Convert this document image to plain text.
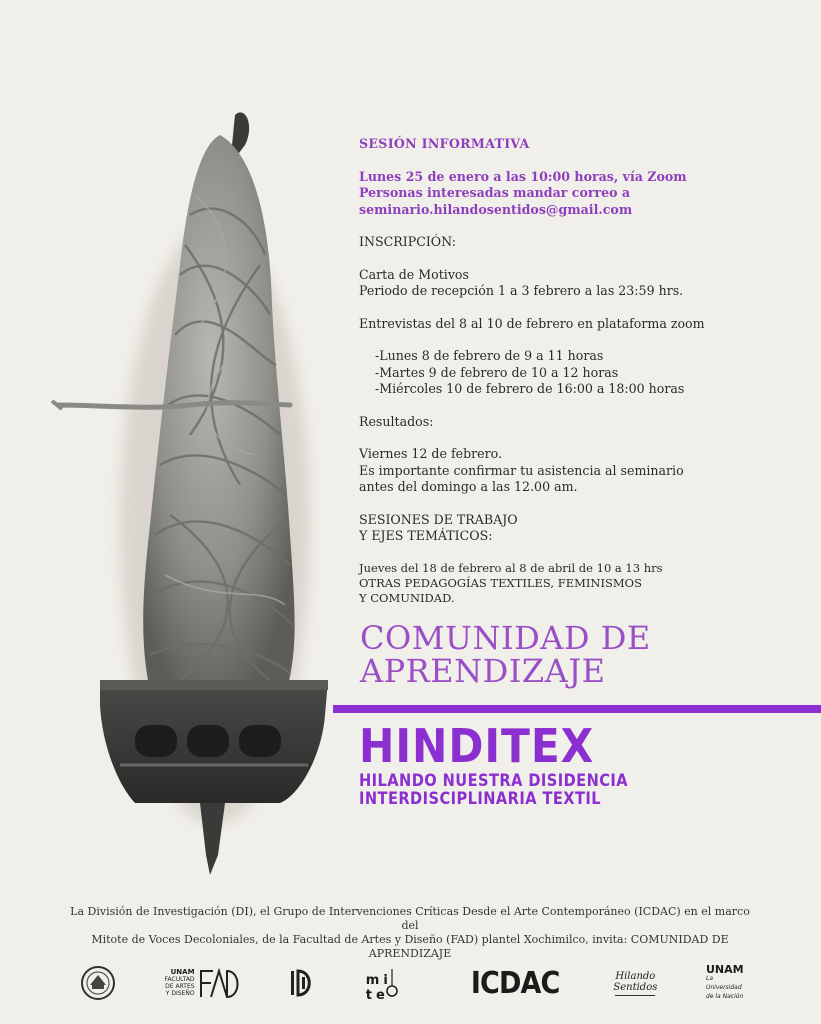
SESIÓN INFORMATIVA

Lunes 25 de enero a las 10:00 horas, vía Zoom

Personas interesadas mandar correo a

seminario.hilandosentidos@gmail.com

INSCRIPCIÓN:

Carta de Motivos

Periodo de recepción 1 a 3 febrero a las 23:59 hrs.

Entrevistas del 8 al 10 de febrero en plataforma zoom

-Lunes 8 de febrero de 9 a 11 horas

-Martes 9 de febrero de 10 a 12 horas

-Miércoles 10 de febrero de 16:00 a 18:00 horas

Resultados:

Viernes 12 de febrero.

Es importante confirmar tu asistencia al seminario

antes del domingo a las 12.00 am.

SESIONES DE TRABAJO

Y EJES TEMÁTICOS:

Jueves del 18 de febrero al 8 de abril de 10 a 13 hrs

OTRAS PEDAGOGÍAS TEXTILES, FEMINISMOS

Y COMUNIDAD.

COMUNIDAD DE
APRENDIZAJE
HINDITEX
HILANDO NUESTRA DISIDENCIA
INTERDISCIPLINARIA TEXTIL
La División de Investigación (DI), el Grupo de Intervenciones Críticas Desde el Arte Contemporáneo (ICDAC) en el marco del
Mitote de Voces Decoloniales, de la Facultad de Artes y Diseño (FAD) plantel Xochimilco, invita: COMUNIDAD DE APRENDIZAJE
UNAM
FACULTAD
DE ARTES
Y DISEÑO
mi te	ICDAC	Hilando
Sentidos
UNAM
La Universidad de la Nación
